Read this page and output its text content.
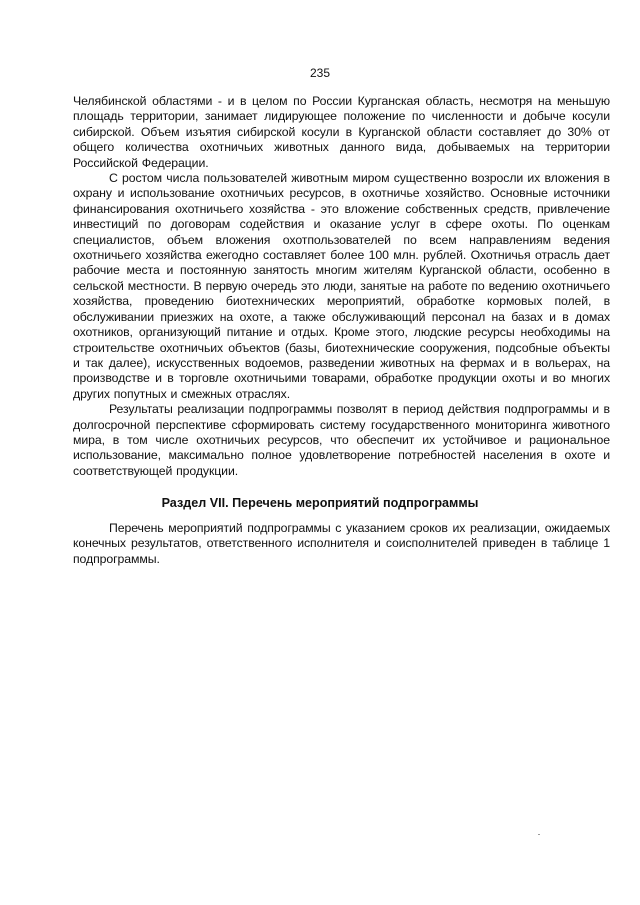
235

Челябинской областями - и в целом по России Курганская область, несмотря на меньшую площадь территории, занимает лидирующее положение по численности и добыче косули сибирской. Объем изъятия сибирской косули в Курганской области составляет до 30% от общего количества охотничьих животных данного вида, добываемых на территории Российской Федерации.

С ростом числа пользователей животным миром существенно возросли их вложения в охрану и использование охотничьих ресурсов, в охотничье хозяйство. Основные источники финансирования охотничьего хозяйства - это вложение собственных средств, привлечение инвестиций по договорам содействия и оказание услуг в сфере охоты. По оценкам специалистов, объем вложения охотпользователей по всем направлениям ведения охотничьего хозяйства ежегодно составляет более 100 млн. рублей. Охотничья отрасль дает рабочие места и постоянную занятость многим жителям Курганской области, особенно в сельской местности. В первую очередь это люди, занятые на работе по ведению охотничьего хозяйства, проведению биотехнических мероприятий, обработке кормовых полей, в обслуживании приезжих на охоте, а также обслуживающий персонал на базах и в домах охотников, организующий питание и отдых. Кроме этого, людские ресурсы необходимы на строительстве охотничьих объектов (базы, биотехнические сооружения, подсобные объекты и так далее), искусственных водоемов, разведении животных на фермах и в вольерах, на производстве и в торговле охотничьими товарами, обработке продукции охоты и во многих других попутных и смежных отраслях.

Результаты реализации подпрограммы позволят в период действия подпрограммы и в долгосрочной перспективе сформировать систему государственного мониторинга животного мира, в том числе охотничьих ресурсов, что обеспечит их устойчивое и рациональное использование, максимально полное удовлетворение потребностей населения в охоте и соответствующей продукции.

Раздел VII. Перечень мероприятий подпрограммы

Перечень мероприятий подпрограммы с указанием сроков их реализации, ожидаемых конечных результатов, ответственного исполнителя и соисполнителей приведен в таблице 1 подпрограммы.
